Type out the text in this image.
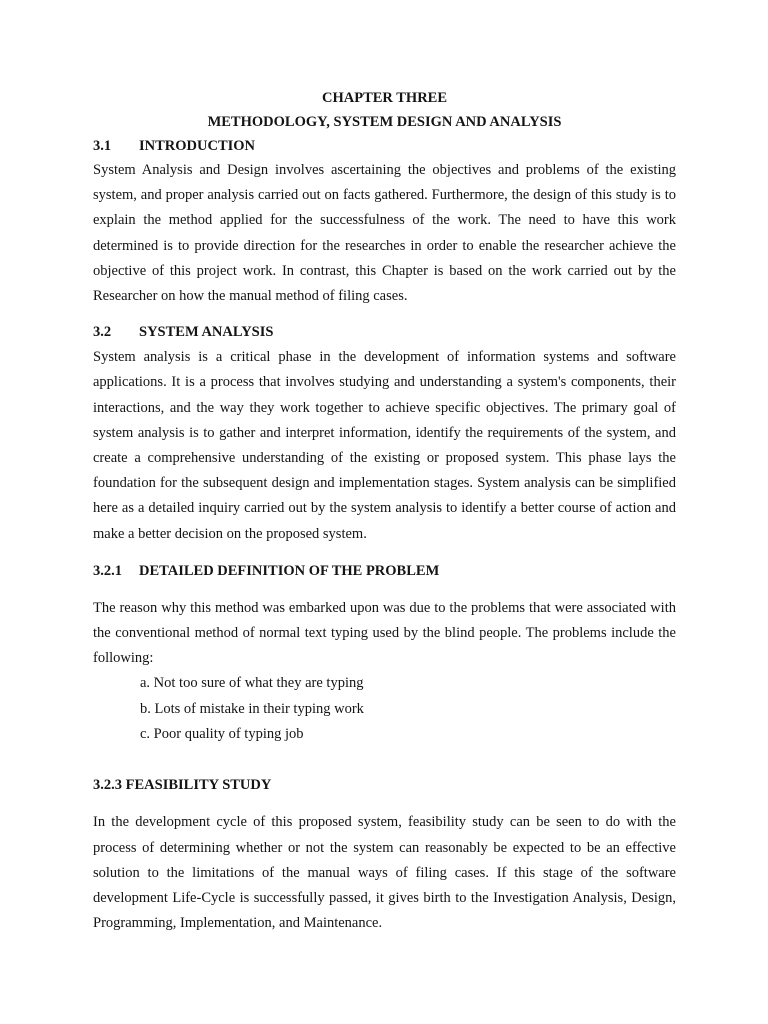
CHAPTER THREE
METHODOLOGY, SYSTEM DESIGN AND ANALYSIS
3.1 INTRODUCTION

System Analysis and Design involves ascertaining the objectives and problems of the existing system, and proper analysis carried out on facts gathered. Furthermore, the design of this study is to explain the method applied for the successfulness of the work. The need to have this work determined is to provide direction for the researches in order to enable the researcher achieve the objective of this project work. In contrast, this Chapter is based on the work carried out by the Researcher on how the manual method of filing cases.

3.2 SYSTEM ANALYSIS

System analysis is a critical phase in the development of information systems and software applications. It is a process that involves studying and understanding a system's components, their interactions, and the way they work together to achieve specific objectives. The primary goal of system analysis is to gather and interpret information, identify the requirements of the system, and create a comprehensive understanding of the existing or proposed system. This phase lays the foundation for the subsequent design and implementation stages. System analysis can be simplified here as a detailed inquiry carried out by the system analysis to identify a better course of action and make a better decision on the proposed system.

3.2.1 DETAILED DEFINITION OF THE PROBLEM

The reason why this method was embarked upon was due to the problems that were associated with the conventional method of normal text typing used by the blind people. The problems include the following:

a. Not too sure of what they are typing
b. Lots of mistake in their typing work
c. Poor quality of typing job
3.2.3 FEASIBILITY STUDY

In the development cycle of this proposed system, feasibility study can be seen to do with the process of determining whether or not the system can reasonably be expected to be an effective solution to the limitations of the manual ways of filing cases. If this stage of the software development Life-Cycle is successfully passed, it gives birth to the Investigation Analysis, Design, Programming, Implementation, and Maintenance.
